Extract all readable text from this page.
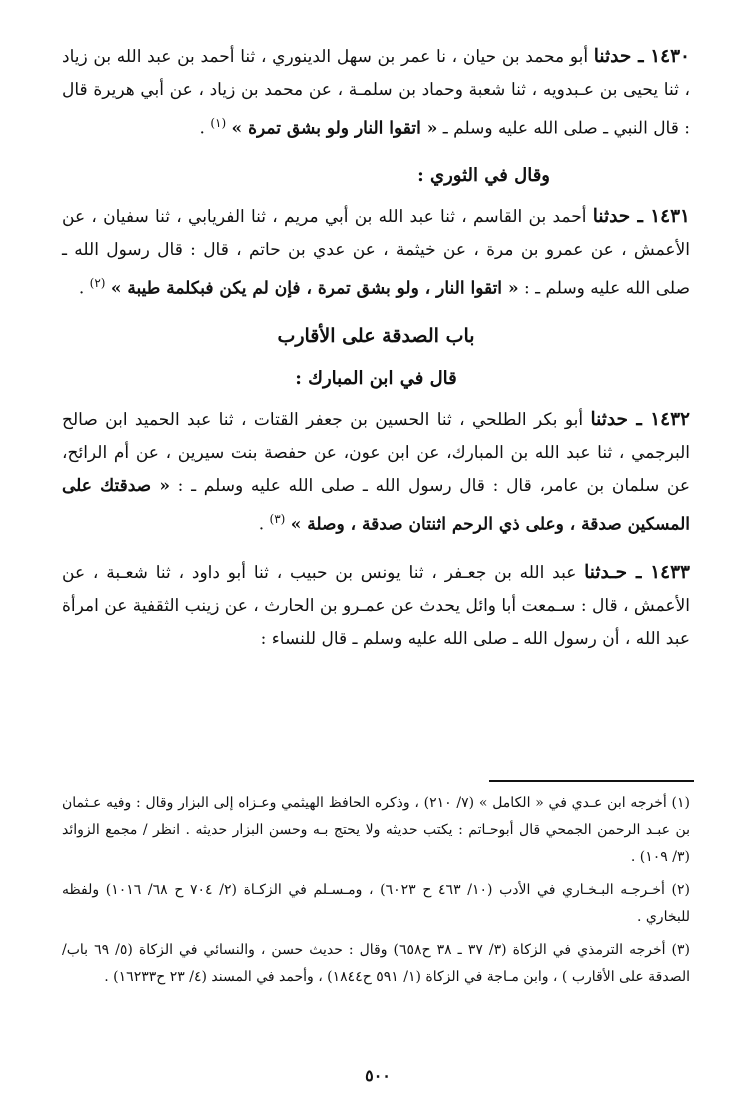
١٤٣٠ ـ حدثنا أبو محمد بن حيان ، نا عمر بن سهل الدينوري ، ثنا أحمد بن عبد الله بن زياد ، ثنا يحيى بن عـبدويه ، ثنا شعبة وحماد بن سلمـة ، عن محمد بن زياد ، عن أبي هريرة قال : قال النبي ـ صلى الله عليه وسلم ـ « اتقوا النار ولو بشق تمرة » $^{(١)}$ .

وقال في الثوري :

١٤٣١ ـ حدثنا أحمد بن القاسم ، ثنا عبد الله بن أبي مريم ، ثنا الفريابي ، ثنا سفيان ، عن الأعمش ، عن عمرو بن مرة ، عن خيثمة ، عن عدي بن حاتم ، قال : قال رسول الله ـ صلى الله عليه وسلم ـ : « اتقوا النار ، ولو بشق تمرة ، فإن لم يكن فبكلمة طيبة » $^{(٢)}$ .

باب الصدقة على الأقارب
قال في ابن المبارك :

١٤٣٢ ـ حدثنا أبو بكر الطلحي ، ثنا الحسين بن جعفر القتات ، ثنا عبد الحميد ابن صالح البرجمي ، ثنا عبد الله بن المبارك، عن ابن عون، عن حفصة بنت سيرين ، عن أم الرائح، عن سلمان بن عامر، قال : قال رسول الله ـ صلى الله عليه وسلم ـ : « صدقتك على المسكين صدقة ، وعلى ذي الرحم اثنتان صدقة ، وصلة » $^{(٣)}$ .

١٤٣٣ ـ حـدثنا عبد الله بن جعـفر ، ثنا يونس بن حبيب ، ثنا أبو داود ، ثنا شعـبة ، عن الأعمش ، قال : سـمعت أبا وائل يحدث عن عمـرو بن الحارث ، عن زينب الثقفية عن امرأة عبد الله ، أن رسول الله ـ صلى الله عليه وسلم ـ قال للنساء :

(١) أخرجه ابن عـدي في « الكامل » (٧/ ٢١٠) ، وذكره الحافظ الهيثمي وعـزاه إلى البزار وقال : وفيه عـثمان بن عبـد الرحمن الجمحي قال أبوحـاتم : يكتب حديثه ولا يحتج بـه وحسن البزار حديثه . انظر / مجمع الزوائد (٣/ ١٠٩) .

(٢) أخـرجـه البـخـاري في الأدب (١٠/ ٤٦٣ ح ٦٠٢٣) ، ومـسـلم في الزكـاة (٢/ ٧٠٤ ح ٦٨/ ١٠١٦) ولفظه للبخاري .

(٣) أخرجه الترمذي في الزكاة (٣/ ٣٧ ـ ٣٨ ح٦٥٨) وقال : حديث حسن ، والنسائي في الزكاة (٥/ ٦٩ باب/الصدقة على الأقارب ) ، وابن مـاجة في الزكاة (١/ ٥٩١ ح١٨٤٤) ، وأحمد في المسند (٤/ ٢٣ ح١٦٢٣٣) .

٥٠٠
